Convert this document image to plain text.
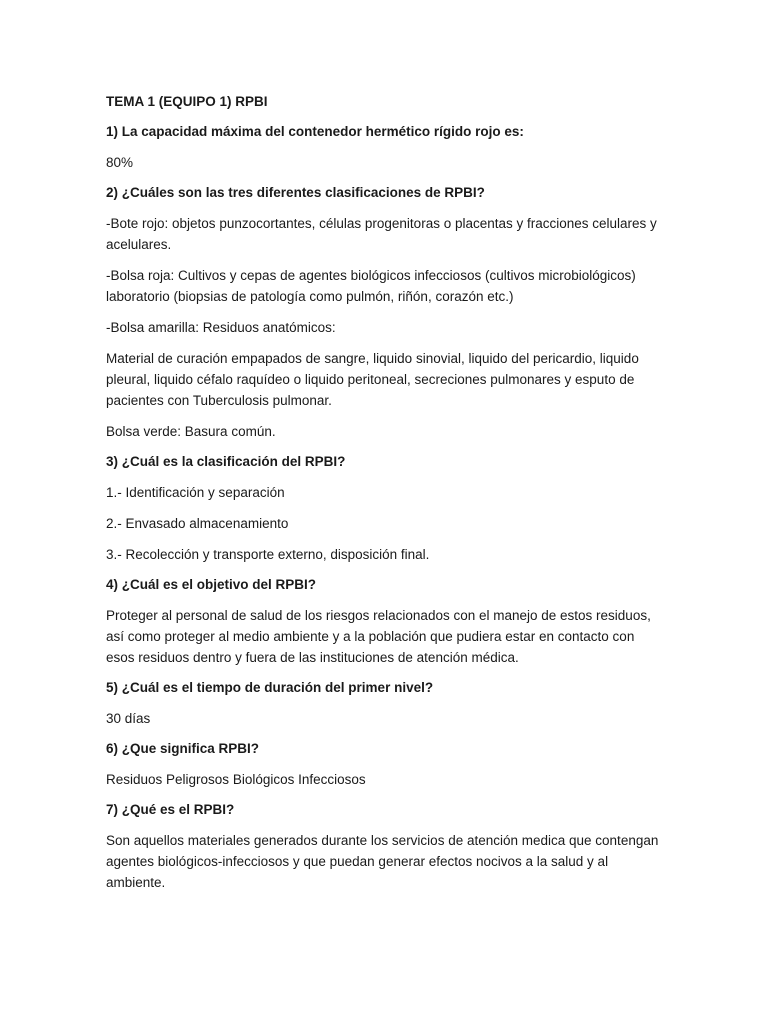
TEMA 1 (EQUIPO 1) RPBI

1) La capacidad máxima del contenedor hermético rígido rojo es:

80%

2) ¿Cuáles son las tres diferentes clasificaciones de RPBI?

-Bote rojo: objetos punzocortantes, células progenitoras o placentas y fracciones celulares y acelulares.

-Bolsa roja: Cultivos y cepas de agentes biológicos infecciosos (cultivos microbiológicos) laboratorio (biopsias de patología como pulmón, riñón, corazón etc.)

-Bolsa amarilla: Residuos anatómicos:

Material de curación empapados de sangre, liquido sinovial, liquido del pericardio, liquido pleural, liquido céfalo raquídeo o liquido peritoneal, secreciones pulmonares y esputo de pacientes con Tuberculosis pulmonar.

Bolsa verde: Basura común.

3) ¿Cuál es la clasificación del RPBI?

1.- Identificación y separación

2.- Envasado almacenamiento

3.- Recolección y transporte externo, disposición final.

4) ¿Cuál es el objetivo del RPBI?

Proteger al personal de salud de los riesgos relacionados con el manejo de estos residuos, así como proteger al medio ambiente y a la población que pudiera estar en contacto con esos residuos dentro y fuera de las instituciones de atención médica.

5) ¿Cuál es el tiempo de duración del primer nivel?

30 días

6) ¿Que significa RPBI?

Residuos Peligrosos Biológicos Infecciosos

7) ¿Qué es el RPBI?

Son aquellos materiales generados durante los servicios de atención medica que contengan agentes biológicos-infecciosos y que puedan generar efectos nocivos a la salud y al ambiente.
